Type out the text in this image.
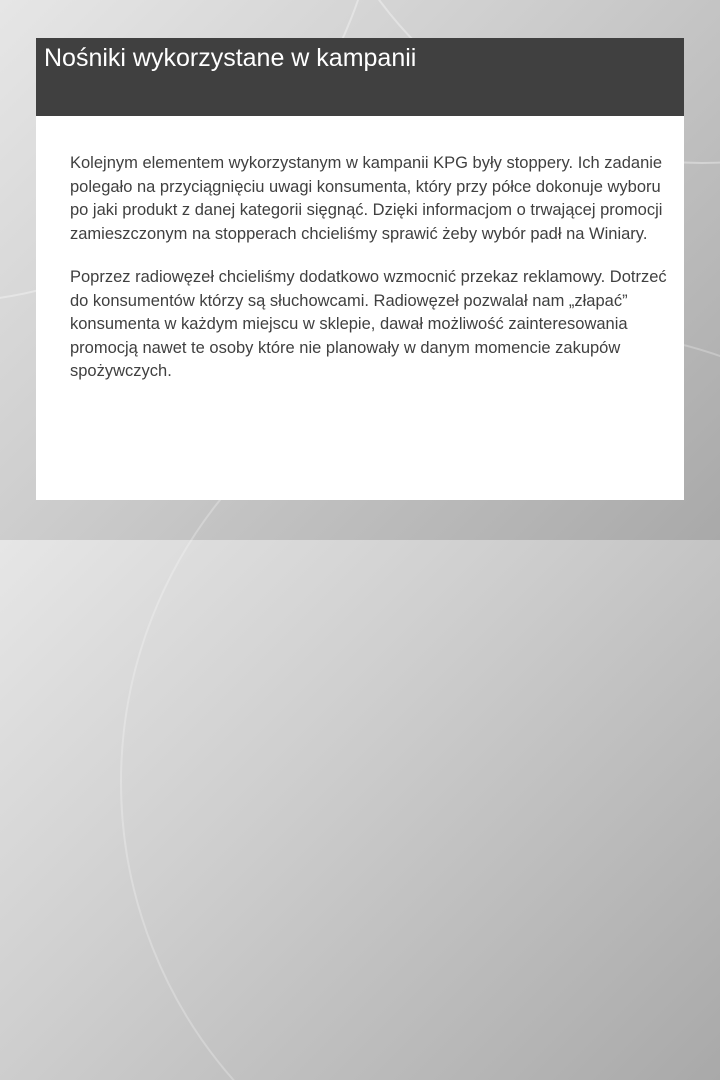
Nośniki wykorzystane w kampanii

Kolejnym elementem wykorzystanym w kampanii KPG były stoppery. Ich zadanie polegało na przyciągnięciu uwagi konsumenta, który przy półce dokonuje wyboru po jaki produkt z danej kategorii sięgnąć. Dzięki informacjom o trwającej promocji zamieszczonym na stopperach chcieliśmy sprawić żeby wybór padł na Winiary.

Poprzez radiowęzeł chcieliśmy dodatkowo wzmocnić przekaz reklamowy. Dotrzeć do konsumentów którzy są słuchowcami. Radiowęzeł pozwalał nam „złapać” konsumenta w każdym miejscu w sklepie, dawał możliwość zainteresowania promocją nawet te osoby które nie planowały w danym momencie zakupów spożywczych.
